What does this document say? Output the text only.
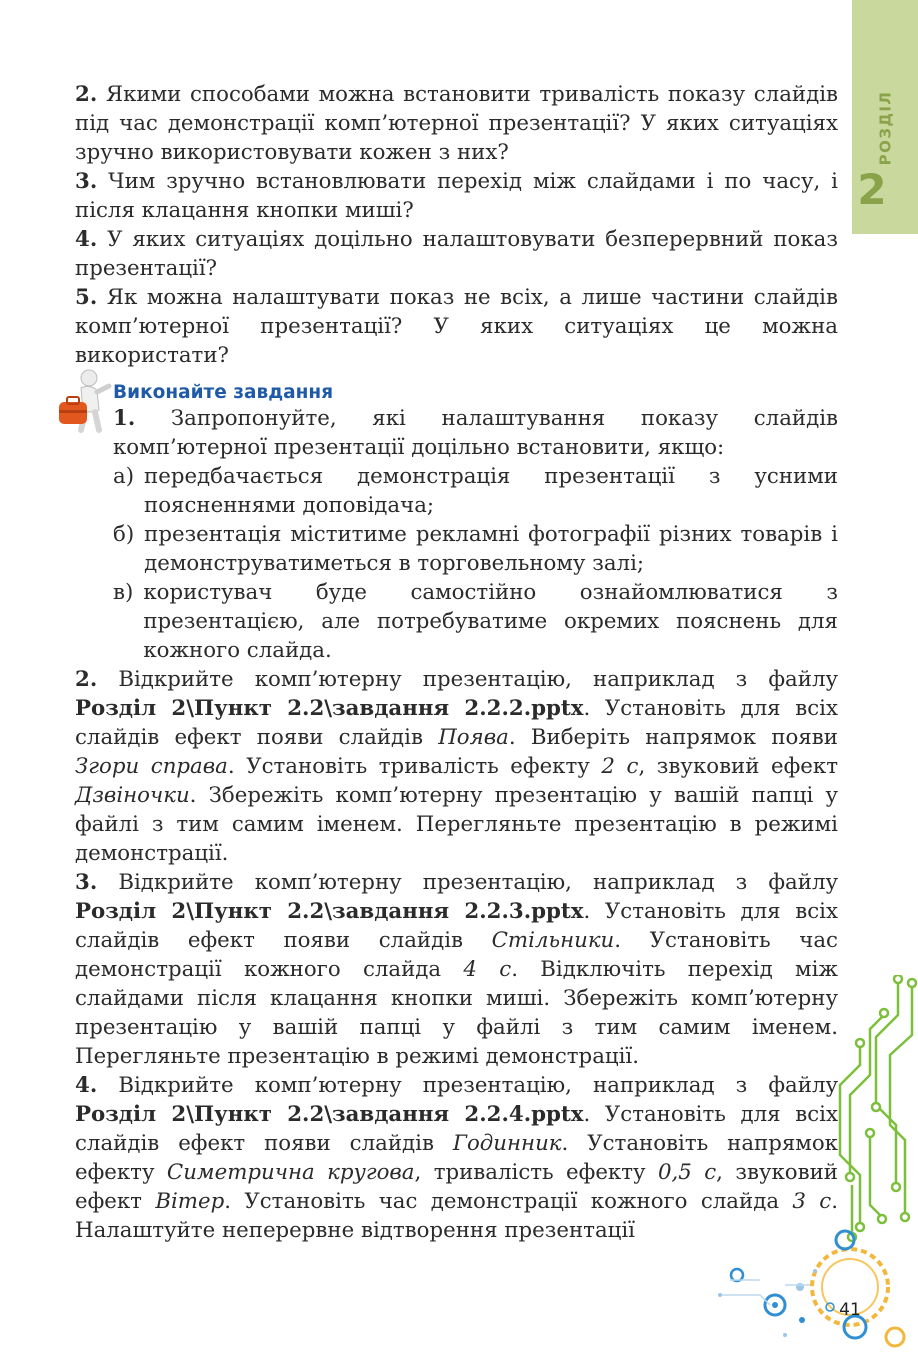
РОЗДІЛ
2

2. Якими способами можна встановити тривалість показу слайдів під час демонстрації комп’ютерної презентації? У яких ситуаціях зручно використовувати кожен з них?

3. Чим зручно встановлювати перехід між слайдами і по часу, і після клацання кнопки миші?

4. У яких ситуаціях доцільно налаштовувати безперервний показ презентації?

5. Як можна налаштувати показ не всіх, а лише частини слайдів комп’ютерної презентації? У яких ситуаціях це можна використати?

Виконайте завдання

1. Запропонуйте, які налаштування показу слайдів комп’ютерної презентації доцільно встановити, якщо:

а) передбачається демонстрація презентації з усними поясненнями доповідача;
б) презентація міститиме рекламні фотографії різних товарів і демонструватиметься в торговельному залі;
в) користувач буде самостійно ознайомлюватися з презентацією, але потребуватиме окремих пояснень для кожного слайда.

2. Відкрийте комп’ютерну презентацію, наприклад з файлу Розділ 2\Пункт 2.2\завдання 2.2.2.pptx. Установіть для всіх слайдів ефект появи слайдів Поява. Виберіть напрямок появи Згори справа. Установіть тривалість ефекту 2 с, звуковий ефект Дзвіночки. Збережіть комп’ютерну презентацію у вашій папці у файлі з тим самим іменем. Перегляньте презентацію в режимі демонстрації.

3. Відкрийте комп’ютерну презентацію, наприклад з файлу Розділ 2\Пункт 2.2\завдання 2.2.3.pptx. Установіть для всіх слайдів ефект появи слайдів Стільники. Установіть час демонстрації кожного слайда 4 с. Відключіть перехід між слайдами після клацання кнопки миші. Збережіть комп’ютерну презентацію у вашій папці у файлі з тим самим іменем. Перегляньте презентацію в режимі демонстрації.

4. Відкрийте комп’ютерну презентацію, наприклад з файлу Розділ 2\Пункт 2.2\завдання 2.2.4.pptx. Установіть для всіх слайдів ефект появи слайдів Годинник. Установіть напрямок ефекту Симетрична кругова, тривалість ефекту 0,5 с, звуковий ефект Вітер. Установіть час демонстрації кожного слайда 3 с. Налаштуйте неперервне відтворення презентації

41
